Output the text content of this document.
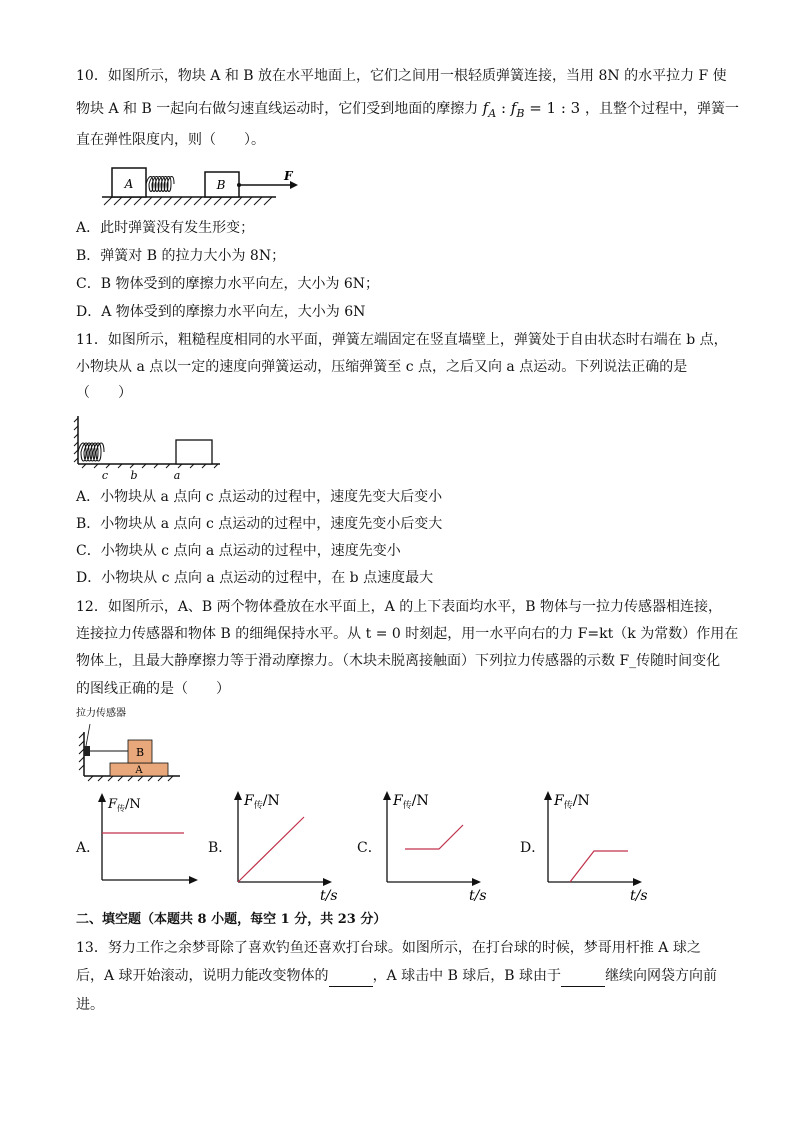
10．如图所示，物块 A 和 B 放在水平地面上，它们之间用一根轻质弹簧连接，当用 8N 的水平拉力 F 使
物块 A 和 B 一起向右做匀速直线运动时，它们受到地面的摩擦力 $f_A$ : $f_B = 1$ : 3 ，且整个过程中，弹簧一
直在弹性限度内，则（　　）。
A	B
F
A．此时弹簧没有发生形变；
B．弹簧对 B 的拉力大小为 8N；
C．B 物体受到的摩擦力水平向左，大小为 6N；
D．A 物体受到的摩擦力水平向左，大小为 6N
11．如图所示，粗糙程度相同的水平面，弹簧左端固定在竖直墙壁上，弹簧处于自由状态时右端在 b 点，
小物块从 a 点以一定的速度向弹簧运动，压缩弹簧至 c 点，之后又向 a 点运动。下列说法正确的是
（　　）
c b	a
A．小物块从 a 点向 c 点运动的过程中，速度先变大后变小
B．小物块从 a 点向 c 点运动的过程中，速度先变小后变大
C．小物块从 c 点向 a 点运动的过程中，速度先变小
D．小物块从 c 点向 a 点运动的过程中，在 b 点速度最大
12．如图所示，A、B 两个物体叠放在水平面上，A 的上下表面均水平，B 物体与一拉力传感器相连接，
连接拉力传感器和物体 B 的细绳保持水平。从 t = 0 时刻起，用一水平向右的力 F=kt（k 为常数）作用在
物体上，且最大静摩擦力等于滑动摩擦力。（木块未脱离接触面）下列拉力传感器的示数 F_传随时间变化
的图线正确的是（　　）
拉力传感器
A
B
A．
$F_传/N$
B．
$F_传/N$
t/s
C．
$F_传/N$
t/s
D．
$F_传/N$
t/s
二、填空题（本题共 8 小题，每空 1 分，共 23 分）
13．努力工作之余梦哥除了喜欢钓鱼还喜欢打台球。如图所示，在打台球的时候，梦哥用杆推 A 球之
后，A 球开始滚动，说明力能改变物体的	，A 球击中 B 球后，B 球由于	继续向网袋方向前
进。
